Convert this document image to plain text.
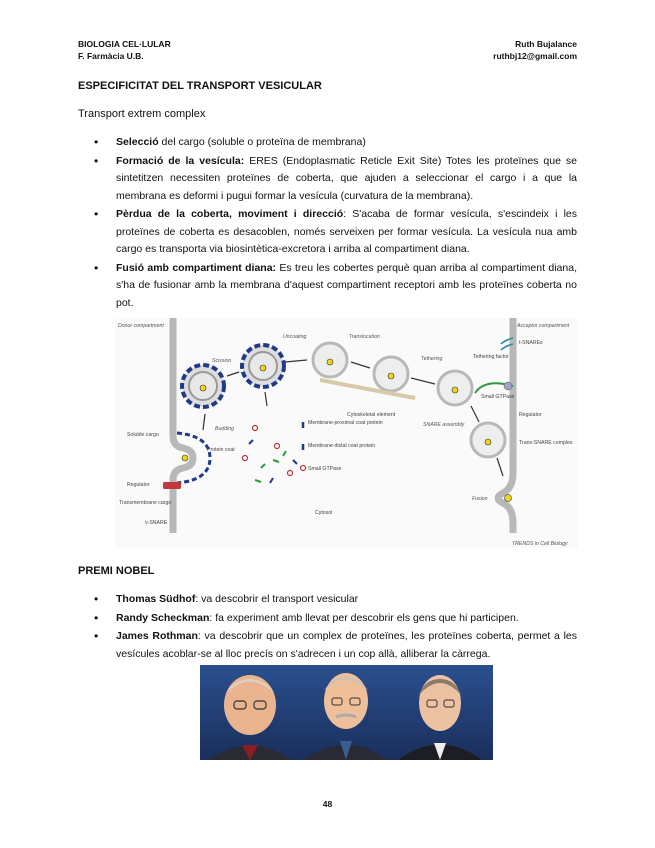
BIOLOGIA CEL·LULAR
F. Farmàcia U.B.
Ruth Bujalance
ruthbj12@gmail.com
ESPECIFICITAT DEL TRANSPORT VESICULAR
Transport extrem complex
• Selecció del cargo (soluble o proteïna de membrana)
• Formació de la vesícula: ERES (Endoplasmatic Reticle Exit Site) Totes les proteïnes que se sintetitzen necessiten proteïnes de coberta, que ajuden a seleccionar el cargo i a que la membrana es deformi i pugui formar la vesícula (curvatura de la membrana).
• Pèrdua de la coberta, moviment i direcció: S'acaba de formar vesícula, s'escindeix i les proteïnes de coberta es desacoblen, només serveixen per formar vesícula. La vesícula nua amb cargo es transporta via biosintètica-excretora i arriba al compartiment diana.
• Fusió amb compartiment diana: Es treu les cobertes perquè quan arriba al compartiment diana, s'ha de fusionar amb la membrana d'aquest compartiment receptori amb les proteïnes coberta no pot.
Donor compartment	Acceptor compartment
Scission
Uncoating	Translocation
Tethering
Budding
SNARE assembly
Fusion
Soluble cargo
Protein coat
Regulator
Transmembrane cargo
v-SNARE
t-SNAREs
Tethering factor
Small GTPase
Regulator
Trans-SNARE complex
Cytoskeletal element
Membrane-proximal coat protein
Membrane-distal coat protein
Small GTPase
Cytosol
TRENDS in Cell Biology
PREMI NOBEL
• Thomas Südhof: va descobrir el transport vesicular
• Randy Scheckman: fa experiment amb llevat per descobrir els gens que hi participen.
• James Rothman: va descobrir que un complex de proteïnes, les proteïnes coberta, permet a les vesícules acoblar-se al lloc precís on s'adrecen i un cop allà, alliberar la càrrega.
48
